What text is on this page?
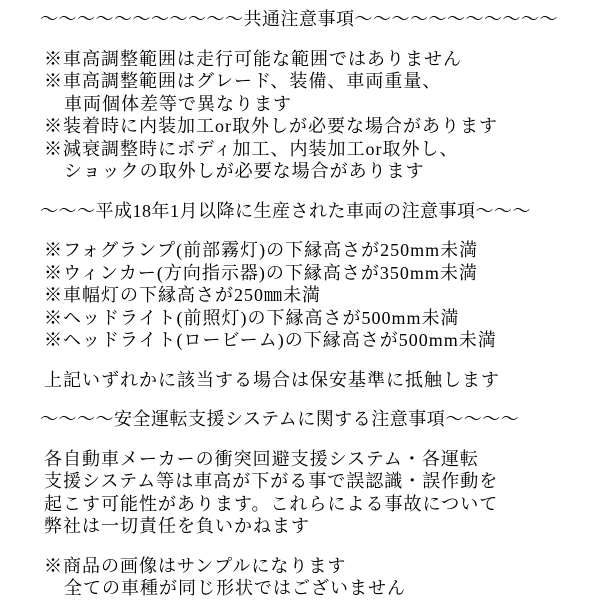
～～～～～～～～～～～共通注意事項～～～～～～～～～～～
※車高調整範囲は走行可能な範囲ではありません
※車高調整範囲はグレード、装備、車両重量、
車両個体差等で異なります
※装着時に内装加工or取外しが必要な場合があります
※減衰調整時にボディ加工、内装加工or取外し、
ショックの取外しが必要な場合があります
～～～平成18年1月以降に生産された車両の注意事項～～～
※フォグランプ(前部霧灯)の下縁高さが250mm未満
※ウィンカー(方向指示器)の下縁高さが350mm未満
※車幅灯の下縁高さが250㎜未満
※ヘッドライト(前照灯)の下縁高さが500mm未満
※ヘッドライト(ロービーム)の下縁高さが500mm未満
上記いずれかに該当する場合は保安基準に抵触します
～～～～安全運転支援システムに関する注意事項～～～～
各自動車メーカーの衝突回避支援システム・各運転
支援システム等は車高が下がる事で誤認識・誤作動を
起こす可能性があります。これらによる事故について
弊社は一切責任を負いかねます
※商品の画像はサンプルになります
全ての車種が同じ形状ではございません
